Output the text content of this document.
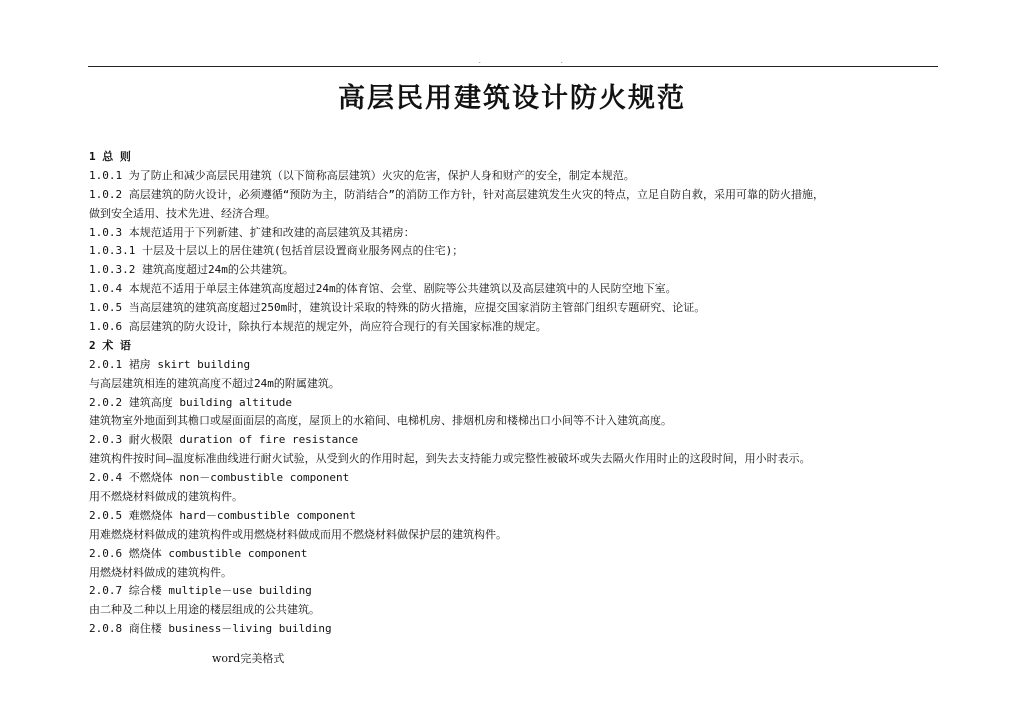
.	.
高层民用建筑设计防火规范
1 总 则
1.0.1 为了防止和减少高层民用建筑（以下简称高层建筑）火灾的危害，保护人身和财产的安全，制定本规范。
1.0.2 高层建筑的防火设计，必须遵循“预防为主，防消结合”的消防工作方针，针对高层建筑发生火灾的特点，立足自防自救，采用可靠的防火措施，
做到安全适用、技术先进、经济合理。
1.0.3 本规范适用于下列新建、扩建和改建的高层建筑及其裙房：
1.0.3.1 十层及十层以上的居住建筑(包括首层设置商业服务网点的住宅)；
1.0.3.2 建筑高度超过24m的公共建筑。
1.0.4 本规范不适用于单层主体建筑高度超过24m的体育馆、会堂、剧院等公共建筑以及高层建筑中的人民防空地下室。
1.0.5 当高层建筑的建筑高度超过250m时，建筑设计采取的特殊的防火措施，应提交国家消防主管部门组织专题研究、论证。
1.0.6 高层建筑的防火设计，除执行本规范的规定外，尚应符合现行的有关国家标准的规定。
2 术 语
2.0.1 裙房 skirt building
与高层建筑相连的建筑高度不超过24m的附属建筑。
2.0.2 建筑高度 building altitude
建筑物室外地面到其檐口或屋面面层的高度，屋顶上的水箱间、电梯机房、排烟机房和楼梯出口小间等不计入建筑高度。
2.0.3 耐火极限 duration of fire resistance
建筑构件按时间—温度标准曲线进行耐火试验，从受到火的作用时起，到失去支持能力或完整性被破坏或失去隔火作用时止的这段时间，用小时表示。
2.0.4 不燃烧体 non－combustible component
用不燃烧材料做成的建筑构件。
2.0.5 难燃烧体 hard－combustible component
用难燃烧材料做成的建筑构件或用燃烧材料做成而用不燃烧材料做保护层的建筑构件。
2.0.6 燃烧体 combustible component
用燃烧材料做成的建筑构件。
2.0.7 综合楼 multiple－use building
由二种及二种以上用途的楼层组成的公共建筑。
2.0.8 商住楼 business－living building
word完美格式
